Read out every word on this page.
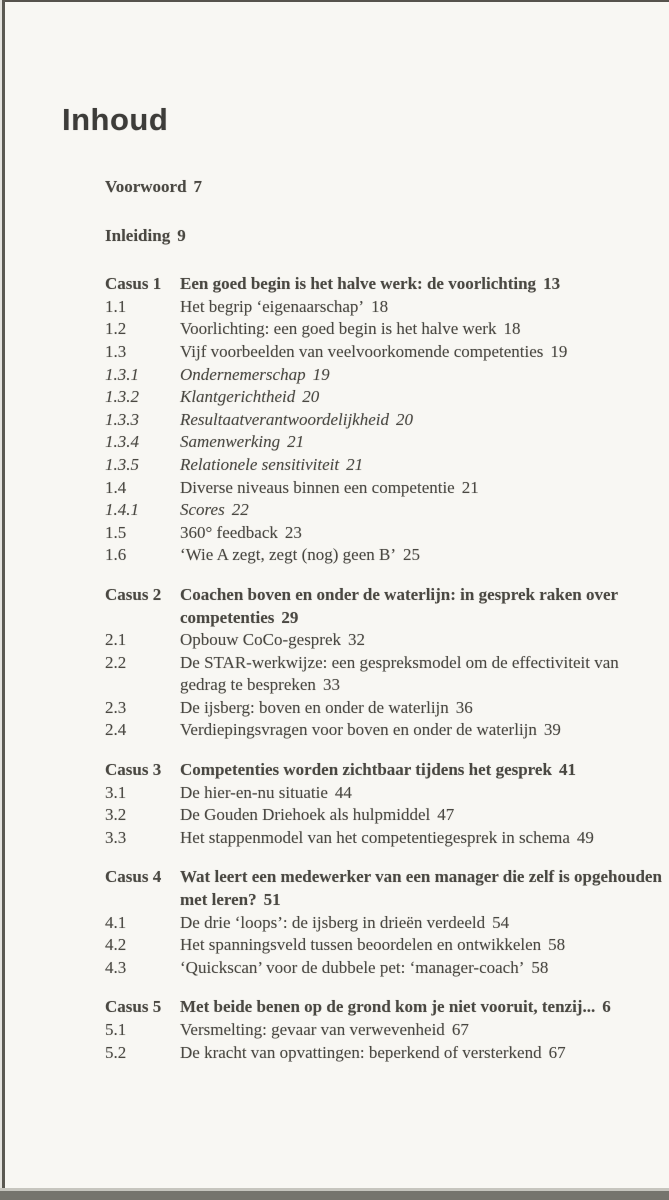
Inhoud
Voorwoord 7
Inleiding 9
Casus 1	Een goed begin is het halve werk: de voorlichting 13
1.1	Het begrip ‘eigenaarschap’ 18
1.2	Voorlichting: een goed begin is het halve werk 18
1.3	Vijf voorbeelden van veelvoorkomende competenties 19
1.3.1	Ondernemerschap 19
1.3.2	Klantgerichtheid 20
1.3.3	Resultaatverantwoordelijkheid 20
1.3.4	Samenwerking 21
1.3.5	Relationele sensitiviteit 21
1.4	Diverse niveaus binnen een competentie 21
1.4.1	Scores 22
1.5	360° feedback 23
1.6	‘Wie A zegt, zegt (nog) geen B’ 25
Casus 2	Coachen boven en onder de waterlijn: in gesprek raken over competenties 29
2.1	Opbouw CoCo-gesprek 32
2.2	De STAR-werkwijze: een gespreksmodel om de effectiviteit van gedrag te bespreken 33
2.3	De ijsberg: boven en onder de waterlijn 36
2.4	Verdiepingsvragen voor boven en onder de waterlijn 39
Casus 3	Competenties worden zichtbaar tijdens het gesprek 41
3.1	De hier-en-nu situatie 44
3.2	De Gouden Driehoek als hulpmiddel 47
3.3	Het stappenmodel van het competentiegesprek in schema 49
Casus 4	Wat leert een medewerker van een manager die zelf is opgehouden met leren? 51
4.1	De drie ‘loops’: de ijsberg in drieën verdeeld 54
4.2	Het spanningsveld tussen beoordelen en ontwikkelen 58
4.3	‘Quickscan’ voor de dubbele pet: ‘manager-coach’ 58
Casus 5	Met beide benen op de grond kom je niet vooruit, tenzij... 6
5.1	Versmelting: gevaar van verwevenheid 67
5.2	De kracht van opvattingen: beperkend of versterkend 67
